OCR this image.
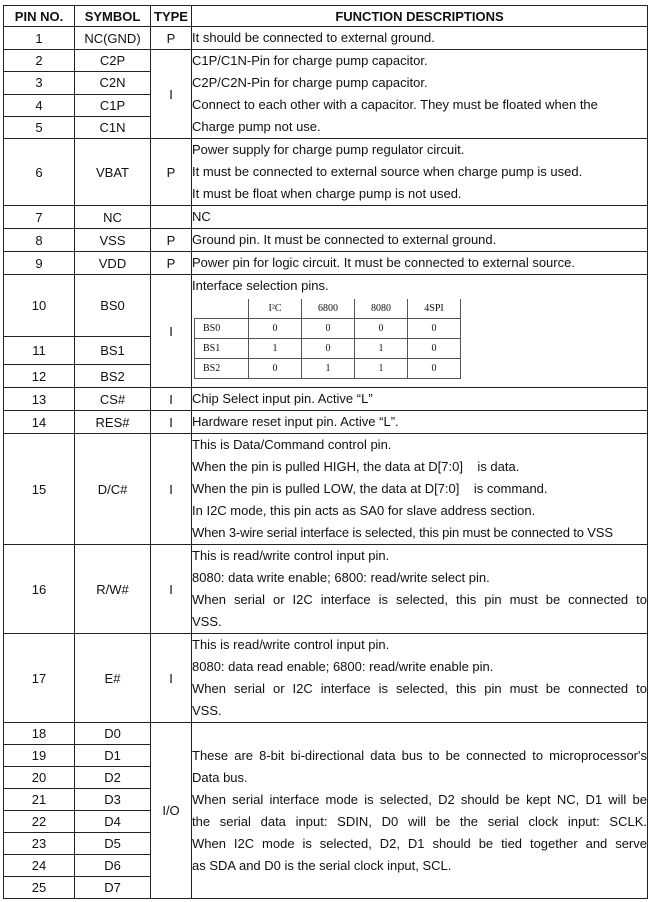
PIN NO.	SYMBOL	TYPE	FUNCTION DESCRIPTIONS
1	NC(GND)	P	It should be connected to external ground.

2	C2P	I	
C1P/C1N-Pin for charge pump capacitor.
C2P/C2N-Pin for charge pump capacitor.
Connect to each other with a capacitor. They must be floated when the
Charge pump not use.

3	C2N
4	C1P
5	C1N
6	VBAT	P	
Power supply for charge pump regulator circuit.
It must be connected to external source when charge pump is used.
It must be float when charge pump is not used.

7	NC		NC

8	VSS	P	Ground pin. It must be connected to external ground.

9	VDD	P	Power pin for logic circuit. It must be connected to external source.

10	BS0	I	
Interface selection pins.
	I²C	6800	8080	4SPI
BS0	0	0	0	0
BS1	1	0	1	0
BS2	0	1	1	0

11	BS1
12	BS2
13	CS#	I	Chip Select input pin. Active “L”

14	RES#	I	Hardware reset input pin. Active “L”.

15	D/C#	I	
This is Data/Command control pin.
When the pin is pulled HIGH, the data at D[7:0]    is data.
When the pin is pulled LOW, the data at D[7:0]    is command.
In I2C mode, this pin acts as SA0 for slave address section.
When 3-wire serial interface is selected, this pin must be connected to VSS

16	R/W#	I	
This is read/write control input pin.
8080: data write enable; 6800: read/write select pin.
When serial or I2C interface is selected, this pin must be connected to
VSS.

17	E#	I	
This is read/write control input pin.
8080: data read enable; 6800: read/write enable pin.
When serial or I2C interface is selected, this pin must be connected to
VSS.

18	D0	I/O	
These are 8-bit bi-directional data bus to be connected to microprocessor's
Data bus.
When serial interface mode is selected, D2 should be kept NC, D1 will be
the serial data input: SDIN, D0 will be the serial clock input: SCLK.
When I2C mode is selected, D2, D1 should be tied together and serve
as SDA and D0 is the serial clock input, SCL.

19	D1
20	D2
21	D3
22	D4
23	D5
24	D6
25	D7
